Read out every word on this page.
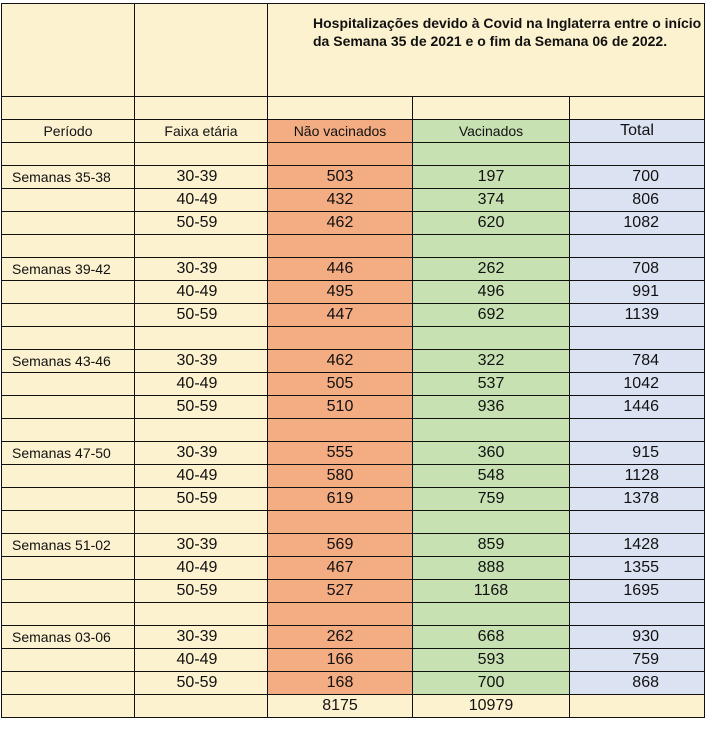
		Hospitalizações devido à Covid na Inglaterra entre o início da Semana 35 de 2021 e o fim da Semana 06 de 2022.		

Período	Faixa etária	Não vacinados	Vacinados	Total

Semanas 35-38	30-39	503	197	700
	40-49	432	374	806
	50-59	462	620	1082

Semanas 39-42	30-39	446	262	708
	40-49	495	496	991
	50-59	447	692	1139

Semanas 43-46	30-39	462	322	784
	40-49	505	537	1042
	50-59	510	936	1446

Semanas 47-50	30-39	555	360	915
	40-49	580	548	1128
	50-59	619	759	1378

Semanas 51-02	30-39	569	859	1428
	40-49	467	888	1355
	50-59	527	1168	1695

Semanas 03-06	30-39	262	668	930
	40-49	166	593	759
	50-59	168	700	868
		8175	10979	
